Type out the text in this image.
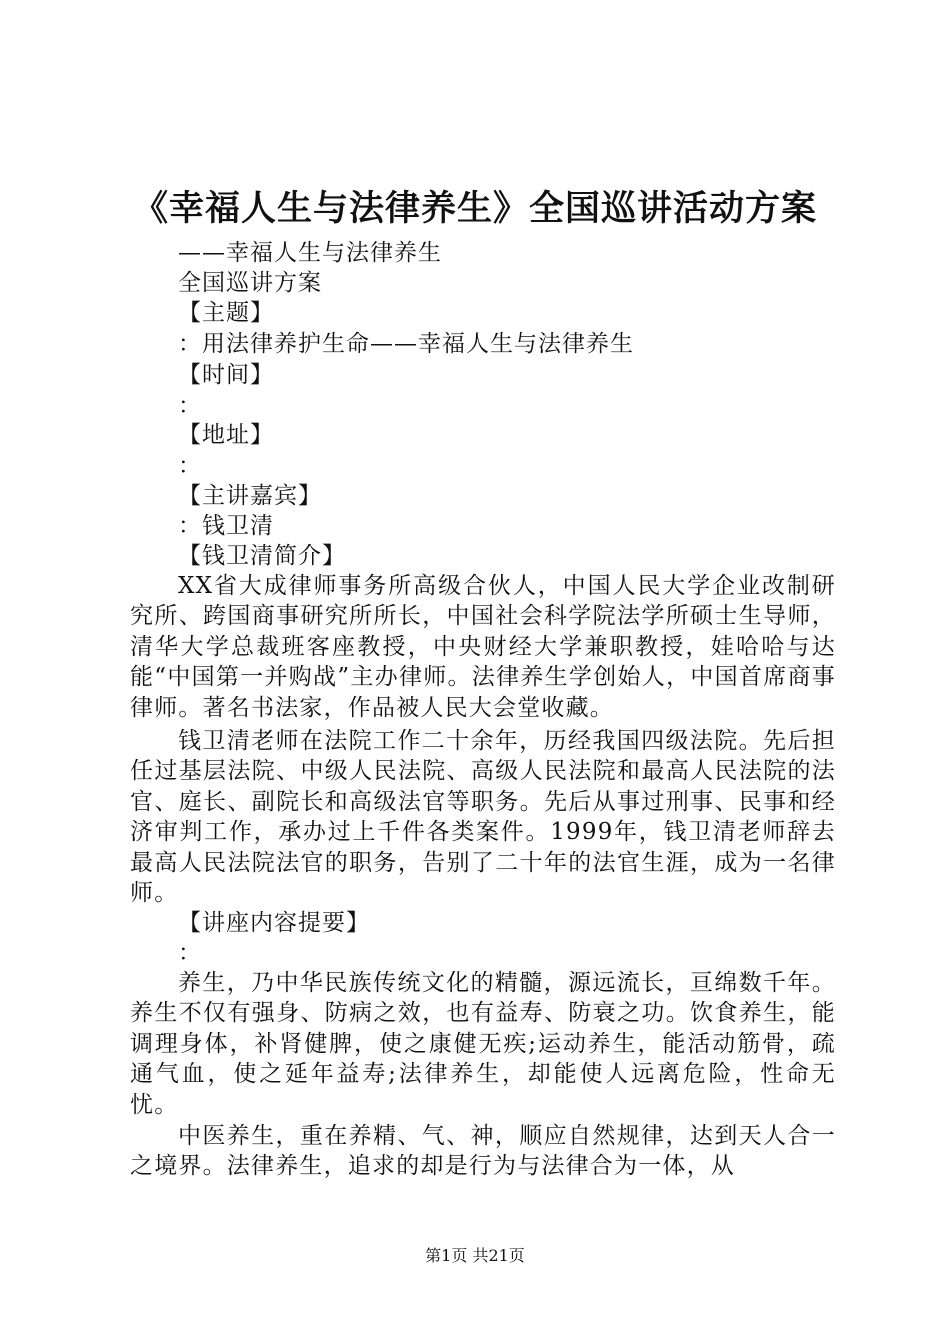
《幸福人生与法律养生》全国巡讲活动方案
——幸福人生与法律养生
全国巡讲方案
【主题】
：用法律养护生命——幸福人生与法律养生
【时间】
：
【地址】
：
【主讲嘉宾】
：钱卫清
【钱卫清简介】
XX省大成律师事务所高级合伙人，中国人民大学企业改制研究所、跨国商事研究所所长，中国社会科学院法学所硕士生导师，清华大学总裁班客座教授，中央财经大学兼职教授，娃哈哈与达能“中国第一并购战”主办律师。法律养生学创始人，中国首席商事律师。著名书法家，作品被人民大会堂收藏。
钱卫清老师在法院工作二十余年，历经我国四级法院。先后担任过基层法院、中级人民法院、高级人民法院和最高人民法院的法官、庭长、副院长和高级法官等职务。先后从事过刑事、民事和经济审判工作，承办过上千件各类案件。1999年，钱卫清老师辞去最高人民法院法官的职务，告别了二十年的法官生涯，成为一名律师。
【讲座内容提要】
：
养生，乃中华民族传统文化的精髓，源远流长，亘绵数千年。养生不仅有强身、防病之效，也有益寿、防衰之功。饮食养生，能调理身体，补肾健脾，使之康健无疾;运动养生，能活动筋骨，疏通气血，使之延年益寿;法律养生，却能使人远离危险，性命无忧。
中医养生，重在养精、气、神，顺应自然规律，达到天人合一之境界。法律养生，追求的却是行为与法律合为一体，从
第1页 共21页
